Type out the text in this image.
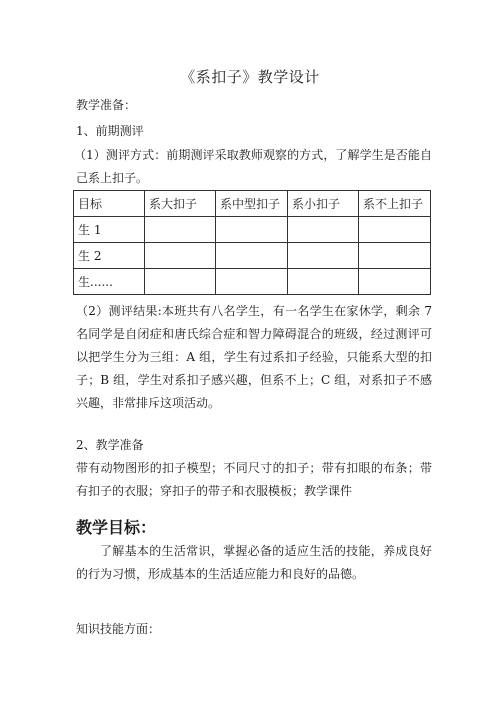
《系扣子》教学设计
教学准备：
1、前期测评
（1）测评方式：前期测评采取教师观察的方式，了解学生是否能自己系上扣子。
目标	系大扣子	系中型扣子	系小扣子	系不上扣子
生 1				
生 2				
生......				
（2）测评结果:本班共有八名学生，有一名学生在家休学，剩余 7 名同学是自闭症和唐氏综合症和智力障碍混合的班级，经过测评可以把学生分为三组：A 组，学生有过系扣子经验，只能系大型的扣子；B 组，学生对系扣子感兴趣，但系不上；C 组，对系扣子不感兴趣，非常排斥这项活动。
2、教学准备
带有动物图形的扣子模型；不同尺寸的扣子；带有扣眼的布条；带有扣子的衣服；穿扣子的带子和衣服模板；教学课件
教学目标：
了解基本的生活常识，掌握必备的适应生活的技能，养成良好的行为习惯，形成基本的生活适应能力和良好的品德。
知识技能方面：
